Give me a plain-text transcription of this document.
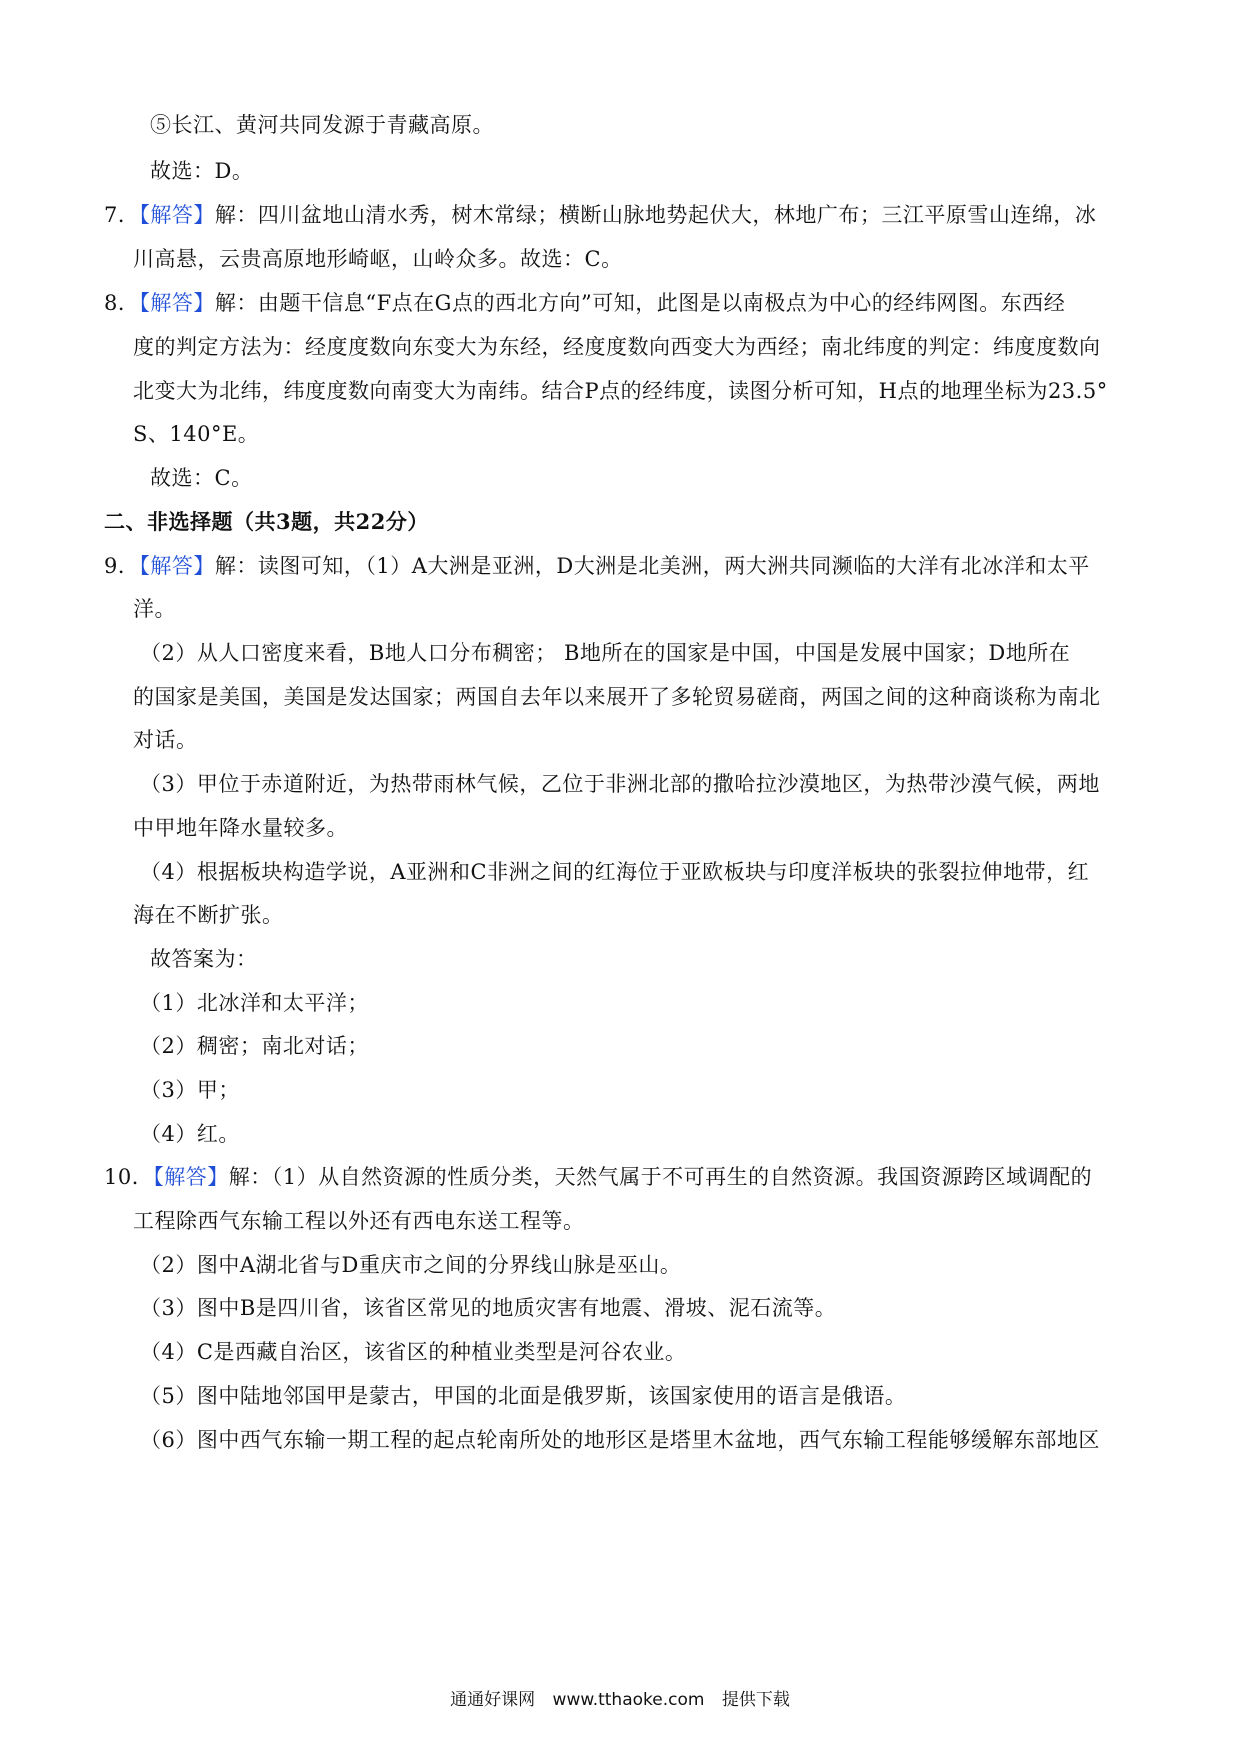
⑤长江、黄河共同发源于青藏高原。
故选：D。
7．【解答】解：四川盆地山清水秀，树木常绿；横断山脉地势起伏大，林地广布；三江平原雪山连绵，冰
川高悬，云贵高原地形崎岖，山岭众多。故选：C。
8．【解答】解：由题干信息“F点在G点的西北方向”可知，此图是以南极点为中心的经纬网图。东西经
度的判定方法为：经度度数向东变大为东经，经度度数向西变大为西经；南北纬度的判定：纬度度数向
北变大为北纬，纬度度数向南变大为南纬。结合P点的经纬度，读图分析可知，H点的地理坐标为23.5°
S、140°E。
故选：C。
二、非选择题（共3题，共22分）
9．【解答】解：读图可知，（1）A大洲是亚洲，D大洲是北美洲，两大洲共同濒临的大洋有北冰洋和太平
洋。
（2）从人口密度来看，B地人口分布稠密； B地所在的国家是中国，中国是发展中国家；D地所在
的国家是美国，美国是发达国家；两国自去年以来展开了多轮贸易磋商，两国之间的这种商谈称为南北
对话。
（3）甲位于赤道附近，为热带雨林气候，乙位于非洲北部的撒哈拉沙漠地区，为热带沙漠气候，两地
中甲地年降水量较多。
（4）根据板块构造学说，A亚洲和C非洲之间的红海位于亚欧板块与印度洋板块的张裂拉伸地带，红
海在不断扩张。
故答案为：
（1）北冰洋和太平洋；
（2）稠密；南北对话；
（3）甲；
（4）红。
10．【解答】解：（1）从自然资源的性质分类，天然气属于不可再生的自然资源。我国资源跨区域调配的
工程除西气东输工程以外还有西电东送工程等。
（2）图中A湖北省与D重庆市之间的分界线山脉是巫山。
（3）图中B是四川省，该省区常见的地质灾害有地震、滑坡、泥石流等。
（4）C是西藏自治区，该省区的种植业类型是河谷农业。
（5）图中陆地邻国甲是蒙古，甲国的北面是俄罗斯，该国家使用的语言是俄语。
（6）图中西气东输一期工程的起点轮南所处的地形区是塔里木盆地，西气东输工程能够缓解东部地区
通通好课网 www.tthaoke.com 提供下载
